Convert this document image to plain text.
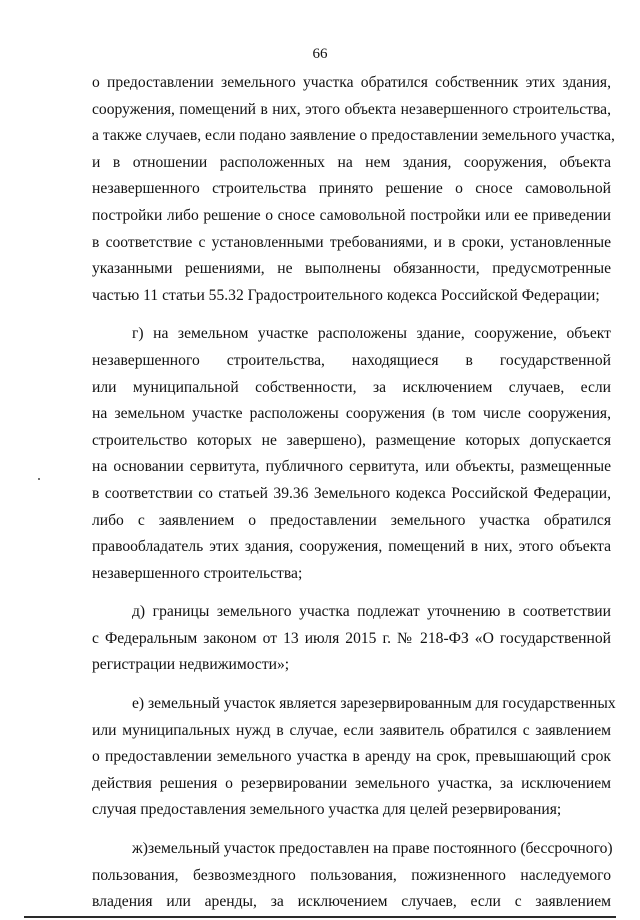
66
о предоставлении земельного участка обратился собственник этих здания,
сооружения, помещений в них, этого объекта незавершенного строительства,
а также случаев, если подано заявление о предоставлении земельного участка,
и в отношении расположенных на нем здания, сооружения, объекта
незавершенного строительства принято решение о сносе самовольной
постройки либо решение о сносе самовольной постройки или ее приведении
в соответствие с установленными требованиями, и в сроки, установленные
указанными решениями, не выполнены обязанности, предусмотренные
частью 11 статьи 55.32 Градостроительного кодекса Российской Федерации;
г) на земельном участке расположены здание, сооружение, объект
незавершенного строительства, находящиеся в государственной
или муниципальной собственности, за исключением случаев, если
на земельном участке расположены сооружения (в том числе сооружения,
строительство которых не завершено), размещение которых допускается
на основании сервитута, публичного сервитута, или объекты, размещенные
в соответствии со статьей 39.36 Земельного кодекса Российской Федерации,
либо с заявлением о предоставлении земельного участка обратился
правообладатель этих здания, сооружения, помещений в них, этого объекта
незавершенного строительства;
д) границы земельного участка подлежат уточнению в соответствии
с Федеральным законом от 13 июля 2015 г. № 218-ФЗ «О государственной
регистрации недвижимости»;
е) земельный участок является зарезервированным для государственных
или муниципальных нужд в случае, если заявитель обратился с заявлением
о предоставлении земельного участка в аренду на срок, превышающий срок
действия решения о резервировании земельного участка, за исключением
случая предоставления земельного участка для целей резервирования;
ж)земельный участок предоставлен на праве постоянного (бессрочного)
пользования, безвозмездного пользования, пожизненного наследуемого
владения или аренды, за исключением случаев, если с заявлением
